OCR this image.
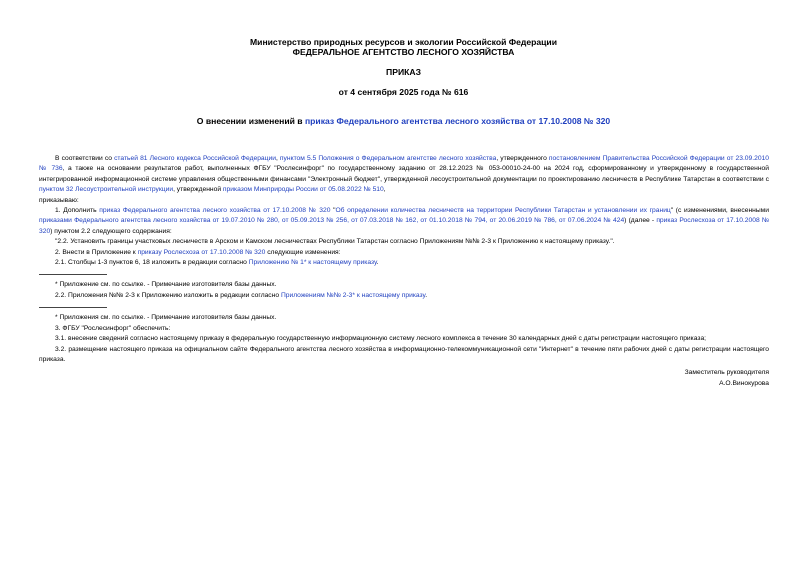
Министерство природных ресурсов и экологии Российской Федерации
ФЕДЕРАЛЬНОЕ АГЕНТСТВО ЛЕСНОГО ХОЗЯЙСТВА
ПРИКАЗ
от 4 сентября 2025 года № 616
О внесении изменений в приказ Федерального агентства лесного хозяйства от 17.10.2008 № 320

В соответствии со статьей 81 Лесного кодекса Российской Федерации, пунктом 5.5 Положения о Федеральном агентстве лесного хозяйства, утвержденного постановлением Правительства Российской Федерации от 23.09.2010 № 736, а также на основании результатов работ, выполненных ФГБУ "Рослесинфорг" по государственному заданию от 28.12.2023 № 053-00010-24-00 на 2024 год, сформированному и утвержденному в государственной интегрированной информационной системе управления общественными финансами "Электронный бюджет", утвержденной лесоустроительной документации по проектированию лесничеств в Республике Татарстан в соответствии с пунктом 32 Лесоустроительной инструкции, утвержденной приказом Минприроды России от 05.08.2022 № 510,

приказываю:

1. Дополнить приказ Федерального агентства лесного хозяйства от 17.10.2008 № 320 "Об определении количества лесничеств на территории Республики Татарстан и установлении их границ" (с изменениями, внесенными приказами Федерального агентства лесного хозяйства от 19.07.2010 № 280, от 05.09.2013 № 256, от 07.03.2018 № 162, от 01.10.2018 № 794, от 20.06.2019 № 786, от 07.06.2024 № 424) (далее - приказ Рослесхоза от 17.10.2008 № 320) пунктом 2.2 следующего содержания:

"2.2. Установить границы участковых лесничеств в Арском и Камском лесничествах Республики Татарстан согласно Приложениям №№ 2-3 к Приложению к настоящему приказу.".

2. Внести в Приложение к приказу Рослесхоза от 17.10.2008 № 320 следующие изменения:

2.1. Столбцы 1-3 пунктов 6, 18 изложить в редакции согласно Приложению № 1* к настоящему приказу.

* Приложение см. по ссылке. - Примечание изготовителя базы данных.

2.2. Приложения №№ 2-3 к Приложению изложить в редакции согласно Приложениям №№ 2-3* к настоящему приказу.

* Приложения см. по ссылке. - Примечание изготовителя базы данных.

3. ФГБУ "Рослесинфорг" обеспечить:

3.1. внесение сведений согласно настоящему приказу в федеральную государственную информационную систему лесного комплекса в течение 30 календарных дней с даты регистрации настоящего приказа;

3.2. размещение настоящего приказа на официальном сайте Федерального агентства лесного хозяйства в информационно-телекоммуникационной сети "Интернет" в течение пяти рабочих дней с даты регистрации настоящего приказа.

Заместитель руководителя

А.О.Винокурова
